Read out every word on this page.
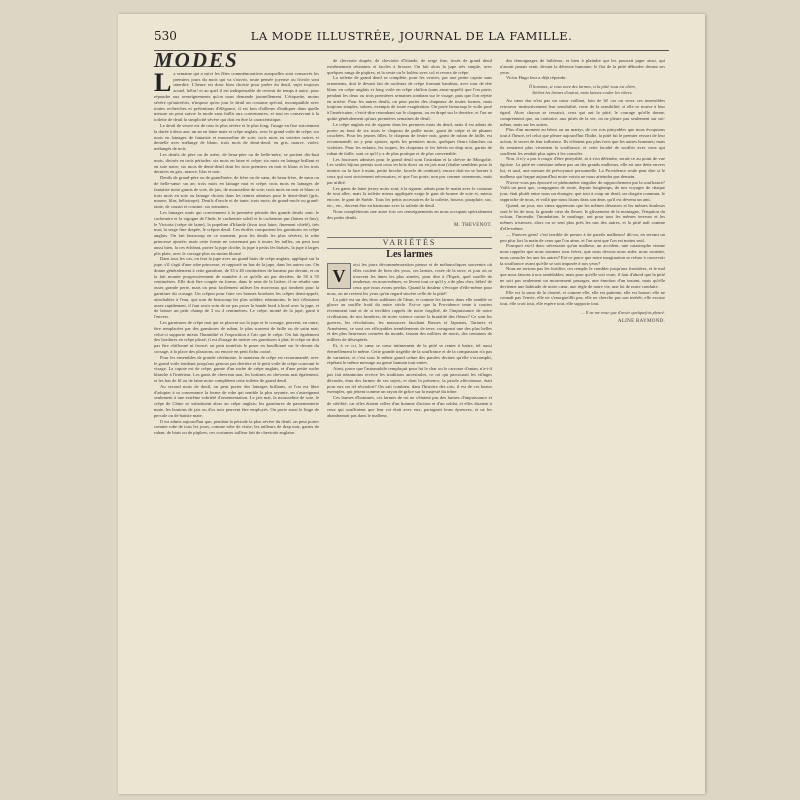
530	LA MODE ILLUSTRÉE, JOURNAL DE LA FAMILLE.
MODES
L a semaine qui a suivi les fêtes commémoratives auxquelles sont consacrés les premiers jours du mois qui va s'ouvrir, toute pensée joyeuse ou frivole sont interdite. L'heure est donc bien choisie pour parler du deuil, sujet toujours actuel, hélas! et au quel il est indispensable de revenir de temps à autre, pour répondre aux renseignements qu'on nous demande journellement. L'étiquette, moins sévère qu'autrefois, n'impose qu'en jour le deuil un costume spécial, incompatible avec toutes recherches et prétentions d'élégance, il est bon d'ailleurs d'indiquer dans quelle mesure on peut suivre la mode sans faillir aux convenances, et tout en conservant à la toilette de deuil la simplicité sévère qui doit en être la caractéristique.

Le deuil de veuve est de tous le plus sévère et le plus long; l'usage en fixe strictement la durée à deux ans: un an en laine mate et crêpe anglais, avec le grand voile de crêpe; six mois en lainages de fantaisie et mousseline de soie; trois mois en soieries noires et dentelle avec mélange de blanc; trois mois de demi-deuil, en gris, mauve, violet, mélangés de noir.

Les deuils de père ou de mère, de beau-père ou de belle-mère, se portent dix-huit mois, divisés en trois périodes: six mois en laine et crêpe; six mois en lainage brillant et en soie noire; six mois de demi-deuil dont les trois premiers en noir et blanc et les trois derniers en gris, mauve, lilas et noir.

Deuils de grand-père ou de grand'mère, de frère ou de sœur, de beau-frère, de sœur ou de belle-sœur: un an; trois mois en lainage mat et crêpe; trois mois en lainages de fantaisie noire garnis de soie, de jais, de mousseline de soie; trois mois en noir et blanc et trois mois en soie ou lainage choisis dans les teintes admises pour le demi-deuil (gris, mauve, lilas, héliotrope). Deuils d'oncle et de tante, trois mois; de grand-oncle ou grand-tante, de cousin et cousine: six semaines.

Les lainages mats qui conviennent à la première période des grands deuils sont: le cachemire et la vigogne de l'Inde, le cachemire soleil et le cachemire pur (laines et fins); le Victoria (crêpe de laine), la popeline d'Irlande (tissu tout laine, finement côtelé), très mat; la serge fine drapée, le crêpon deuil. Ces étoffes comportent les garnitures en crêpe anglais. On fait beaucoup en ce moment, pour les deuils les plus sévères, la robe princesse ajustée; mais cette forme ne convenant pas à toutes les tailles, on peut tout aussi bien, la ces échéant, porter la jupe cloche, la jupe à petits lés biaisés, la jupe à larges plis plats, avec le corsage plus ou moins blousé.

Dans tous les cas, on fera la jupe avec un grand biais de crêpe anglais, appliqué sur la jupe, s'il s'agit d'une robe princesse, et rapporté au bas de la jupe, dans les autres cas. On donne généralement à cette garniture, de 35 à 40 centimètres de hauteur par devant, et on la fait monter progressivement de manière à ce qu'elle ait par derrière, de 50 à 55 centimètres. Elle doit être coupée en forme, dans le sens de la lisière; il ne résulte une assez grande perte, mais on peut facilement utiliser les morceaux qui tombent pour la garniture du corsage. Un crêpon pour faire ces bonnes bordures les crêpes demi-apprêt, attachables à l'eau, qui sont de beaucoup les plus solides; néanmoins, le fait s'élaissent assez rapidement, il faut avoir soin de ne pas poser la bande bord à bord avec la jupe, et de laisser un petit champ de 3 ou 4 centimètres. Le crêpe, monté de la jupe, garni à l'envers.

Les garnitures de crêpe mat qui se placent sur la jupe et le corsage, peuvent, en outre, être remplacées par des garnitures de ruban, le plus souvent de faille ou de satin mat; celui-ci supporte mieux l'humidité et l'exposition à l'air que le crêpe. On fait également des bordures en crêpe plissé; il est d'usage de mettre ces garnitures à plat; le crêpe ne doit pas être chiffonné ni froncé; on peut toutefois le poser en bouillonné sur le devant du corsage, à la place des plastrons, ou encore en petit fichu croisé.

Pour les ensembles de grande cérémonie, le manteau de crêpe est recommandé, avec le grand voile tombant jusqu'aux genoux par derrière et le petit voile de crêpe couvrant le visage. La capote est de crêpe, garnie d'un ruche de crêpe anglais, et d'une petite ruche blanche à l'intérieur. Les gants de chevreau mat, les bottines en chevreau mat également, et les bas de fil ou de laine noire complètent cette toilette de grand deuil.

Au second mois de deuil, on peut porter des lainages brillants, et l'on est libre d'adopter à sa convenance la forme de robe qui semble la plus seyante, en s'astreignant seulement à une extrême sobriété d'ornementation. Le jais mat, la mousseline de soie, le crêpe de Chine se substituent alors au crêpe anglais; les garnitures de passementerie mate, les boutons de jais ou d'os noir peuvent être employés. On porte aussi le linge de percale ou de batiste mate.

Il est admis aujourd'hui que, pendant la période la plus sévère du deuil, on peut porter comme robe de tous les jours, comme robe de visite, les tailleurs de drap noir, garnis de ruban, de biais ou de piqûres; ces costumes tailleur fait de cheviotte anglaise.

de cheviotte drapée, de cheviotte d'Irlande, de serge fine, tissés de grand deuil extrêmement résistants et faciles à brosser. On fait alors la jupe très simple, avec quelques rangs de piqûres, et la veste ou le boléro avec col et revers de crêpe.

La toilette de grand deuil se complète, pour les veuves, par une petite capote sans ornements, doit le devant fait de rouleaux de crêpe formant bandeau, avec tour de tête blanc en crêpe anglais et long voile en crêpe chiffon (sans atout-apprêt) que l'on porte, pendant les deux ou trois premières semaines tombant sur le visage, puis que l'on rejette en arrière. Pour les autres deuils, on peut porter des chapeaux de toutes formes, mais toujours simples, sobres, exempts de toute exagération. On porte beaucoup le voile posé à l'américaine, c'est-à-dire retombant sur le chapeau, ou en drapé sur le derrière, et l'on ne quitte généralement qu'aux premières semaines de deuil.

Le crêpe anglais est de rigueur dans les premiers mois du deuil, mais il est admis de porter au bout de six mois le chapeau de paille noire, garni de crêpe et de plumes couchées. Pour les jeunes filles, le chapeau de feutre noir, garni de ruban de faille, est recommandé; on y peut ajouter, après les premiers mois, quelques fleurs blanches ou violettes. Pour les enfants, les toques, les chapeaux et les bérets en drap noir, garnis de ruban de faille, sont ce qu'il y a de plus pratique et de plus convenable.

Les fourrures admises pour le grand deuil sont l'astrakan et la chèvre de Mongolie. Les seules bijoux permis sont ceux en bois durci ou en jais mat (chaîne semblent pour la montre ou la face à main, petite broche, boucle de ceinture); encore doit-on se borner à ceux qui sont strictement nécessaires, et que l'on porte, non pas comme ornements, mais par utilité.

Les gants de laine jersey noirs sont, à la rigueur, admis pour le matin avec le costume de tout aller; mais la toilette mieux appliquée exige le gant de bourre de soie et, mieux encore, le gant de Suède. Tous les petits accessoires de la toilette, bourse, parapluie, sac, etc., etc., doivent être en harmonie avec la toilette de deuil.

Nous compléterons une autre fois ces renseignements en nous occupant spécialement des petits deuils.

M. THEVENOT.
VARIÉTÉS
Les larmes
V

oici les jours décommémoration pieuse et de mélancoliques souvenirs où elles coulent de bien des yeux, ces larmes, rosée de la terre, et jour où se trouvent les âmes les plus aimées, pour dire à l'Esprit, quel souffle de tendresse, en nous-mêmes, se lèvent tout ce qu'il y a de plus cher, hélas! de ceux que nous avons perdus. Quand la douleur s'évoque d'elle-même pour nous, on ne revient les yeux qu'en regard sincère celle de la pitié!

La pitié est un des deux sublimes de l'âme, et comme les larmes dans elle semble se glacer au souffle froid du notre siècle. Est-ce que la Providence tente à courtes récemment tant et de si terribles rappels de notre fragilité, de l'impuissance de notre civilisation, de nos lumières, de notre science contre la brutalité des fléaux? Ce sont les guerres, les révolutions, les massacres fauchant Russes et Japonais, Tartares et Arméniens, ce sont ces effroyables tremblements de terre, ravageant une des plus belles et des plus heureuses contrées du monde, faisant des milliers de morts, des centaines de milliers de désespérés.

Et, à ce cri, le cœur se cœur intimement de la pitié se remet à battre, tel aussi éternellement le même. Cette grande tragédie de la souffrance et de la compassion n'a pas de variantes, et c'est sous le même grand calme des paroles divines qu'elle s'accomplit, répétant le même message au genre humain tout entier.

Ainsi, parce que l'automobile remplaçait pour lui le char ou le carrosse d'antan, n'a-t-il pas fait néanmoins revivre les traditions ancestrales, ce roi qui parcourait les villages dévastés, ému des larmes de ses sujets, et dont la présence, la parole affectueuse, était pour eux un tel réconfort? On sait combien, dans l'histoire des rois, il est de ces beaux exemples, qui jettent comme un rayon de grâce sur la majesté du trône.

Ces larmes d'hommes, ces larmes de roi ne s'étaient pas des larmes d'impuissance et de stérilité, car elles étaient celles d'un homme d'action et d'un soldat, et elles disaient à ceux qui souffraient que leur roi était avec eux, partageait leurs épreuves, et ne les abandonnait pas dans le malheur.

des témoignages de faiblesse, et bien à plaindre qui les pourrait juger ainsi, qui n'aurait jamais senti, devant la détresse humaine, le flot de la pitié déborder devant ses yeux.

Victor Hugo leur a déjà répondu:

Ô hommes, si vous avez des larmes, si la pitié vous est chère,
Séchez les larmes d'autrui, mais laissez couler les vôtres.

Au cœur dur n'est pas un cœur vaillant, loin de là! car on verra ces insensibles retrouver instinctivement leur sensibilité, votre de la sensibilité, si elle se trouve à leur égard. Alors chacun se ressaisit, ceux qui ont la pitié, le courage qu'elle donne, comprennent que, au contraire, aux pitiés de la vie, on ne pleure pas seulement sur soi-même, mais sur les autres.

Plus d'un moment au héros ou au martyr, de ces rois pitoyables que nous évoquions tout à l'heure, tel celui que pleure aujourd'hui l'Italie, la pitié fut le premier ressort de leur action, le secret de leur influence. Ils n'étaient pas plus forts que les autres hommes; mais ils sentaient plus vivement la souffrance, et cette faculté de souffrir avec ceux qui souffrent les rendait plus aptes à les consoler.

Non, il n'y a pas à rougir d'être pitoyable, ni à s'en défendre, serait-ce au point de vue égoïste. La pitié ne constitue même pas un des grands malheurs, elle est une dette envers lui, et sauf, une mesure de prévoyance personnelle. La Providence seule peut dire si le malheur qui frappe aujourd'hui notre voisin ne nous atteindra pas demain.

N'avez-vous pas éprouvé ce phénomène singulier de rapprochement par la souffrance? Voilà un pont que, compagnon de route, depuis longtemps, de nos voyages de chaque jour, était plutôt entre nous un étranger; que tout à coup un deuil, un chagrin commun, le rapproche de nous, et voilà que nous lisons dans son âme, qu'il est devenu un ami.

Quand, un jour, nos vœux apprenons que les mêmes désastres et les mêmes douleurs sont le lot de tous, la grande crise du fleuve, le glissement de la montagne, l'éruption du volcan, l'incendie, l'inondation, le naufrage, ont pour tous les mêmes terreurs et les mêmes tristesses; alors on se sent plus près les uns des autres, et la pitié naît comme d'elle-même.

— Pauvres gens! c'est terrible de penser à de pareils malheurs! dit-on, en serrant un peu plus fort la main de ceux que l'on aime, et l'on sent que l'on est moins seul.

Pourquoi est-il donc nécessaire qu'un malheur, un accident, une catastrophe vienne nous rappeler que nous sommes tous frères, que nous devons nous aider, nous soutenir, nous consoler les uns les autres? Est-ce parce que notre imagination se refuse à concevoir la souffrance avant qu'elle se soit imposée à nos yeux?

Nous ne serions pas les fortifier, ces remplir le combler jusqu'aux frontières, et le mal que nous faisons à nos semblables; mais pour qu'elle soit vraie, il faut d'abord que la pitié ne soit pas seulement un mouvement passager, une émotion d'un instant, mais qu'elle devienne une habitude de notre cœur, une règle de notre vie, une loi de notre conduite.

Elle est la sœur de la charité, et comme elle, elle est patiente, elle est bonne; elle ne connaît pas l'envie, elle ne s'enorgueillit pas; elle ne cherche pas son intérêt; elle excuse tout, elle croit tout, elle espère tout, elle supporte tout.

... Il ne me reste que d'avoir quelquefois pleuré.
ALINE RAYMOND.
